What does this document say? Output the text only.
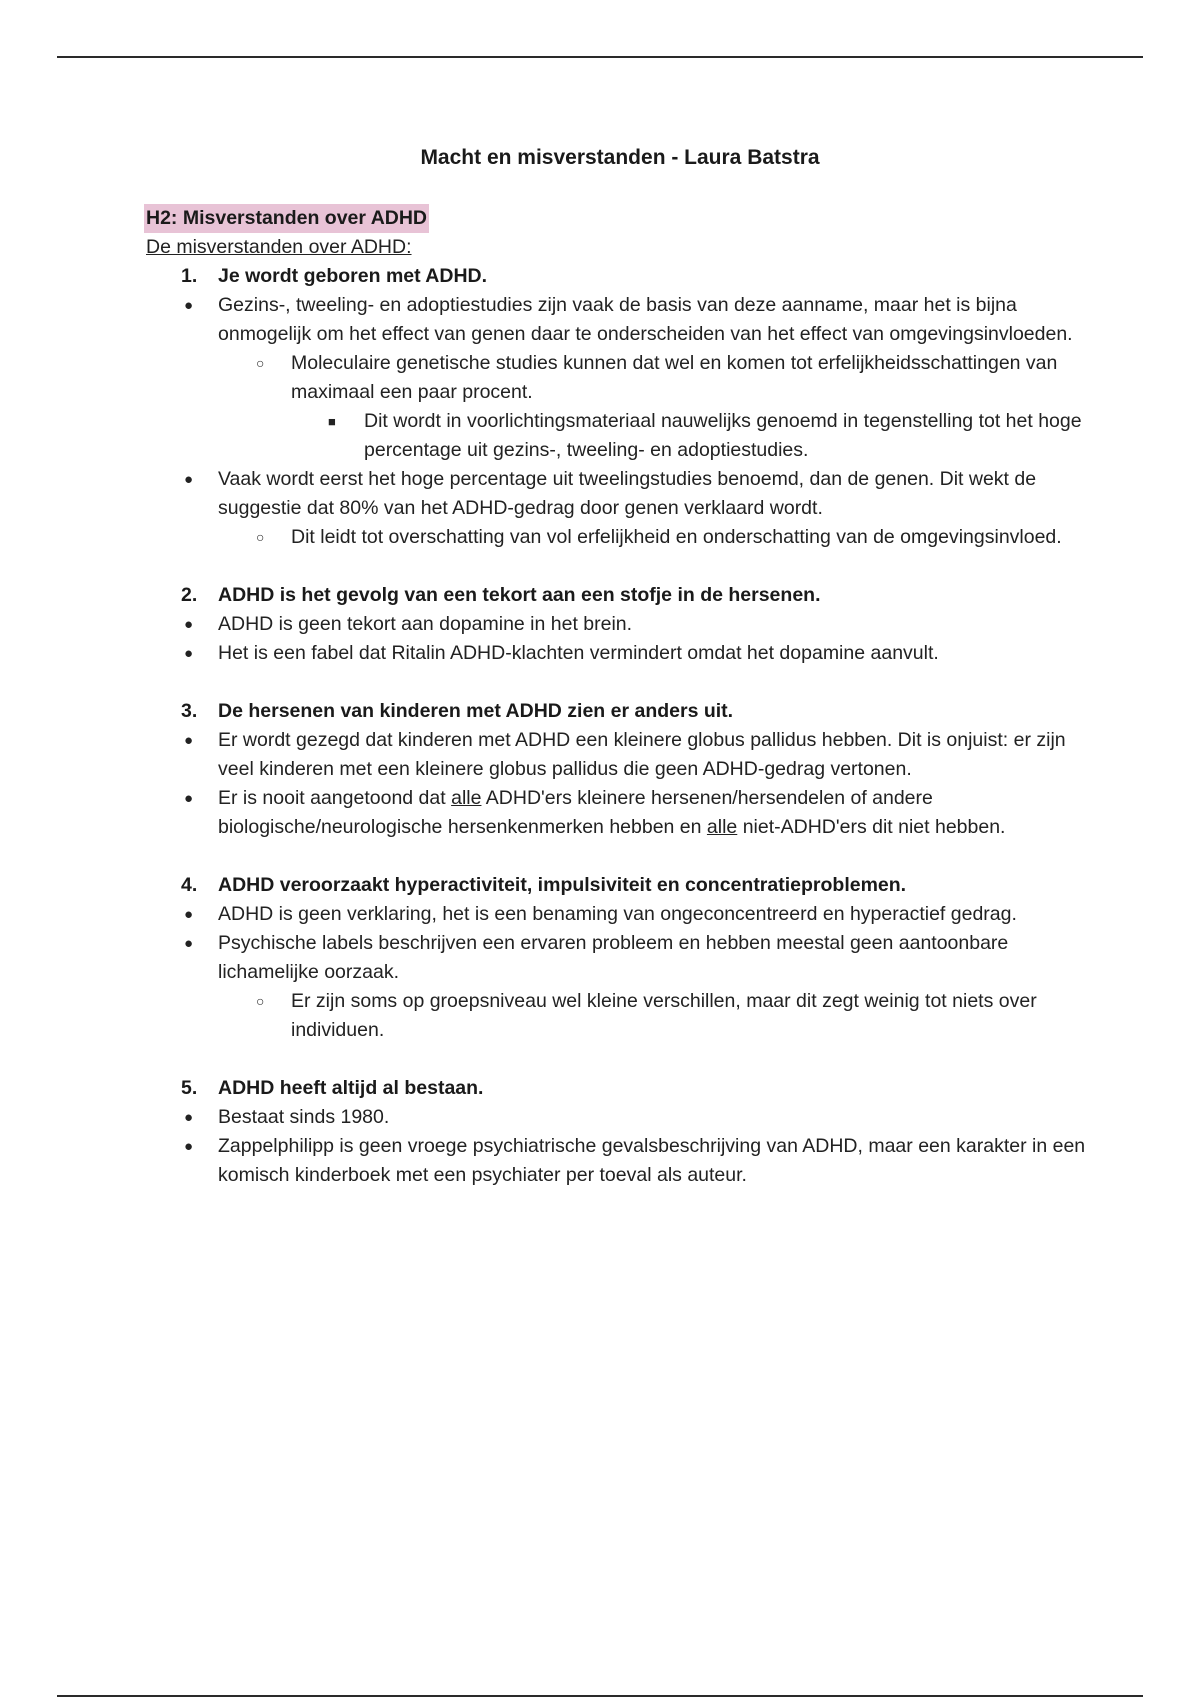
Macht en misverstanden - Laura Batstra
H2: Misverstanden over ADHD
De misverstanden over ADHD:
1. Je wordt geboren met ADHD.
● Gezins-, tweeling- en adoptiestudies zijn vaak de basis van deze aanname, maar het is bijna onmogelijk om het effect van genen daar te onderscheiden van het effect van omgevingsinvloeden.
○ Moleculaire genetische studies kunnen dat wel en komen tot erfelijkheidsschattingen van maximaal een paar procent.
■ Dit wordt in voorlichtingsmateriaal nauwelijks genoemd in tegenstelling tot het hoge percentage uit gezins-, tweeling- en adoptiestudies.
● Vaak wordt eerst het hoge percentage uit tweelingstudies benoemd, dan de genen. Dit wekt de suggestie dat 80% van het ADHD-gedrag door genen verklaard wordt.
○ Dit leidt tot overschatting van vol erfelijkheid en onderschatting van de omgevingsinvloed.
2. ADHD is het gevolg van een tekort aan een stofje in de hersenen.
● ADHD is geen tekort aan dopamine in het brein.
● Het is een fabel dat Ritalin ADHD-klachten vermindert omdat het dopamine aanvult.
3. De hersenen van kinderen met ADHD zien er anders uit.
● Er wordt gezegd dat kinderen met ADHD een kleinere globus pallidus hebben. Dit is onjuist: er zijn veel kinderen met een kleinere globus pallidus die geen ADHD-gedrag vertonen.
● Er is nooit aangetoond dat alle ADHD'ers kleinere hersenen/hersendelen of andere biologische/neurologische hersenkenmerken hebben en alle niet-ADHD'ers dit niet hebben.
4. ADHD veroorzaakt hyperactiviteit, impulsiviteit en concentratieproblemen.
● ADHD is geen verklaring, het is een benaming van ongeconcentreerd en hyperactief gedrag.
● Psychische labels beschrijven een ervaren probleem en hebben meestal geen aantoonbare lichamelijke oorzaak.
○ Er zijn soms op groepsniveau wel kleine verschillen, maar dit zegt weinig tot niets over individuen.
5. ADHD heeft altijd al bestaan.
● Bestaat sinds 1980.
● Zappelphilipp is geen vroege psychiatrische gevalsbeschrijving van ADHD, maar een karakter in een komisch kinderboek met een psychiater per toeval als auteur.
